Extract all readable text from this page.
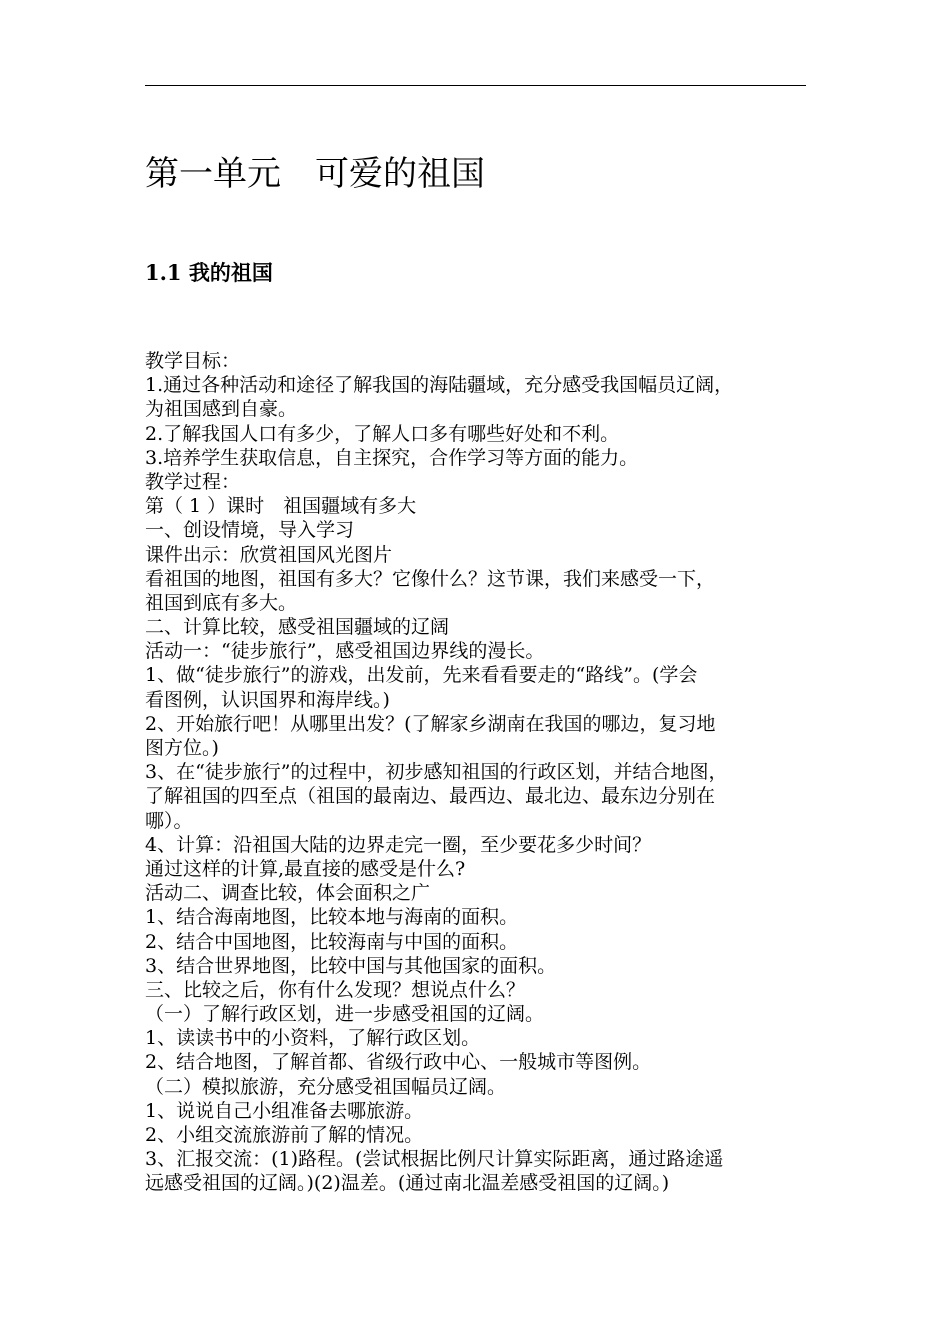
第一单元　可爱的祖国
1.1 我的祖国
教学目标：
1.通过各种活动和途径了解我国的海陆疆域，充分感受我国幅员辽阔，
为祖国感到自豪。
2.了解我国人口有多少，了解人口多有哪些好处和不利。
3.培养学生获取信息，自主探究，合作学习等方面的能力。
教学过程：
第（ 1 ）课时　祖国疆域有多大
一、创设情境，导入学习
课件出示：欣赏祖国风光图片
看祖国的地图，祖国有多大？它像什么？这节课，我们来感受一下，
祖国到底有多大。
二、计算比较，感受祖国疆域的辽阔
活动一：“徒步旅行”，感受祖国边界线的漫长。
1、做“徒步旅行”的游戏，出发前，先来看看要走的“路线”。(学会
看图例，认识国界和海岸线。)
2、开始旅行吧！从哪里出发？(了解家乡湖南在我国的哪边，复习地
图方位。)
3、在“徒步旅行”的过程中，初步感知祖国的行政区划，并结合地图，
了解祖国的四至点（祖国的最南边、最西边、最北边、最东边分别在
哪）。
4、计算：沿祖国大陆的边界走完一圈，至少要花多少时间？
通过这样的计算,最直接的感受是什么?
活动二、调查比较，体会面积之广
1、结合海南地图，比较本地与海南的面积。
2、结合中国地图，比较海南与中国的面积。
3、结合世界地图，比较中国与其他国家的面积。
三、比较之后，你有什么发现？想说点什么？
（一）了解行政区划，进一步感受祖国的辽阔。
1、读读书中的小资料，了解行政区划。
2、结合地图，了解首都、省级行政中心、一般城市等图例。
（二）模拟旅游，充分感受祖国幅员辽阔。
1、说说自己小组准备去哪旅游。
2、小组交流旅游前了解的情况。
3、汇报交流：(1)路程。(尝试根据比例尺计算实际距离，通过路途遥
远感受祖国的辽阔。)(2)温差。(通过南北温差感受祖国的辽阔。)
